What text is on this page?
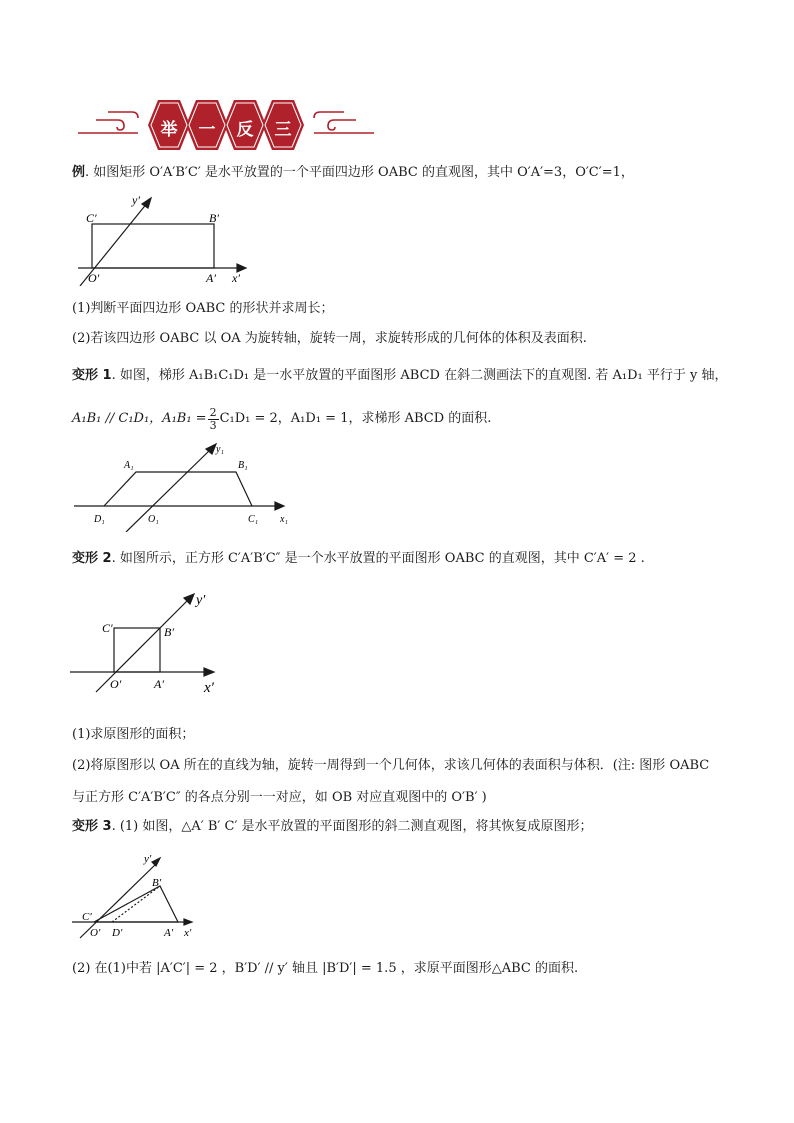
举 一 反 三
例. 如图矩形 O′A′B′C′ 是水平放置的一个平面四边形 OABC 的直观图，其中 O′A′=3，O′C′=1，
y′
C′	B′
O′	A′ x′
(1)判断平面四边形 OABC 的形状并求周长；
(2)若该四边形 OABC 以 OA 为旋转轴，旋转一周，求旋转形成的几何体的体积及表面积.
变形 1. 如图，梯形 A₁B₁C₁D₁ 是一水平放置的平面图形 ABCD 在斜二测画法下的直观图. 若 A₁D₁ 平行于 y 轴，
A₁B₁ // C₁D₁，$A_1B_1 = \frac{2}{3} C_1D_1 = 2$，A₁D₁ = 1，求梯形 ABCD 的面积.
A₁	B₁
y₁
D₁	O₁	C₁ x₁
变形 2. 如图所示，正方形 C′A′B′C″ 是一个水平放置的平面图形 OABC 的直观图，其中 C′A′ = 2 .
y′
C′	B′
O′	A′	x′
(1)求原图形的面积；
(2)将原图形以 OA 所在的直线为轴，旋转一周得到一个几何体，求该几何体的表面积与体积．(注: 图形 OABC
与正方形 C′A′B′C″ 的各点分别一一对应，如 OB 对应直观图中的 O′B′ )
变形 3. (1) 如图，△A′ B′ C′ 是水平放置的平面图形的斜二测直观图，将其恢复成原图形；
y′
B′
C′
O′ D′	A′ x′
(2) 在(1)中若 |A′C′| = 2 ，B′D′ // y′ 轴且 |B′D′| = 1.5 ，求原平面图形△ABC 的面积.
